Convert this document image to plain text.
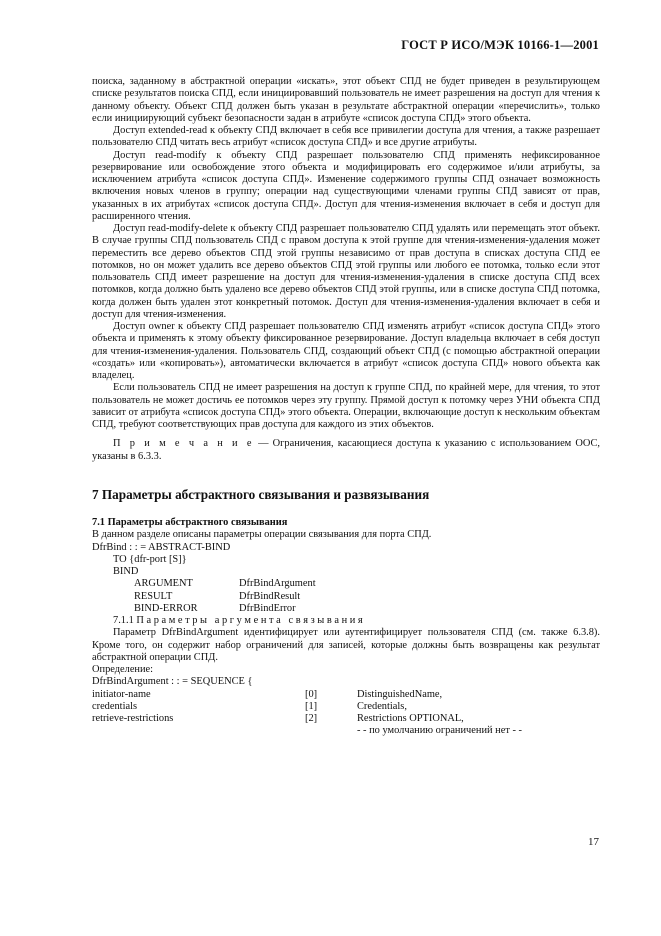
ГОСТ Р ИСО/МЭК 10166-1—2001

поиска, заданному в абстрактной операции «искать», этот объект СПД не будет приведен в результирующем списке результатов поиска СПД, если инициировавший пользователь не имеет разрешения на доступ для чтения к данному объекту. Объект СПД должен быть указан в результате абстрактной операции «перечислить», только если инициирующий субъект безопасности задан в атрибуте «список доступа СПД» этого объекта.

Доступ extended-read к объекту СПД включает в себя все привилегии доступа для чтения, а также разрешает пользователю СПД читать весь атрибут «список доступа СПД» и все другие атрибуты.

Доступ read-modify к объекту СПД разрешает пользователю СПД применять нефиксированное резервирование или освобождение этого объекта и модифицировать его содержимое и/или атрибуты, за исключением атрибута «список доступа СПД». Изменение содержимого группы СПД означает возможность включения новых членов в группу; операции над существующими членами группы СПД зависят от прав, указанных в их атрибутах «список доступа СПД». Доступ для чтения-изменения включает в себя и доступ для расширенного чтения.

Доступ read-modify-delete к объекту СПД разрешает пользователю СПД удалять или перемещать этот объект. В случае группы СПД пользователь СПД с правом доступа к этой группе для чтения-изменения-удаления может переместить все дерево объектов СПД этой группы независимо от прав доступа в списках доступа СПД ее потомков, но он может удалить все дерево объектов СПД этой группы или любого ее потомка, только если этот пользователь СПД имеет разрешение на доступ для чтения-изменения-удаления в списке доступа СПД всех потомков, когда должно быть удалено все дерево объектов СПД этой группы, или в списке доступа СПД потомка, когда должен быть удален этот конкретный потомок. Доступ для чтения-изменения-удаления включает в себя и доступ для чтения-изменения.

Доступ owner к объекту СПД разрешает пользователю СПД изменять атрибут «список доступа СПД» этого объекта и применять к этому объекту фиксированное резервирование. Доступ владельца включает в себя доступ для чтения-изменения-удаления. Пользователь СПД, создающий объект СПД (с помощью абстрактной операции «создать» или «копировать»), автоматически включается в атрибут «список доступа СПД» нового объекта как владелец.

Если пользователь СПД не имеет разрешения на доступ к группе СПД, по крайней мере, для чтения, то этот пользователь не может достичь ее потомков через эту группу. Прямой доступ к потомку через УНИ объекта СПД зависит от атрибута «список доступа СПД» этого объекта. Операции, включающие доступ к нескольким объектам СПД, требуют соответствующих прав доступа для каждого из этих объектов.

П р и м е ч а н и е — Ограничения, касающиеся доступа к указанию с использованием ООС, указаны в 6.3.3.

7 Параметры абстрактного связывания и развязывания
7.1 Параметры абстрактного связывания

В данном разделе описаны параметры операции связывания для порта СПД.

DfrBind : : = ABSTRACT-BIND

TO {dfr-port [S]}

BIND

ARGUMENT	DfrBindArgument
RESULT	DfrBindResult
BIND-ERROR	DfrBindError

7.1.1 П а р а м е т р ы   а р г у м е н т а   с в я з ы в а н и я

Параметр DfrBindArgument идентифицирует или аутентифицирует пользователя СПД (см. также 6.3.8). Кроме того, он содержит набор ограничений для записей, которые должны быть возвращены как результат абстрактной операции СПД.

Определение:

DfrBindArgument : : = SEQUENCE {

initiator-name	[0]	DistinguishedName,
credentials	[1]	Credentials,
retrieve-restrictions	[2]	Restrictions OPTIONAL,

- - по умолчанию ограничений нет - -

17
